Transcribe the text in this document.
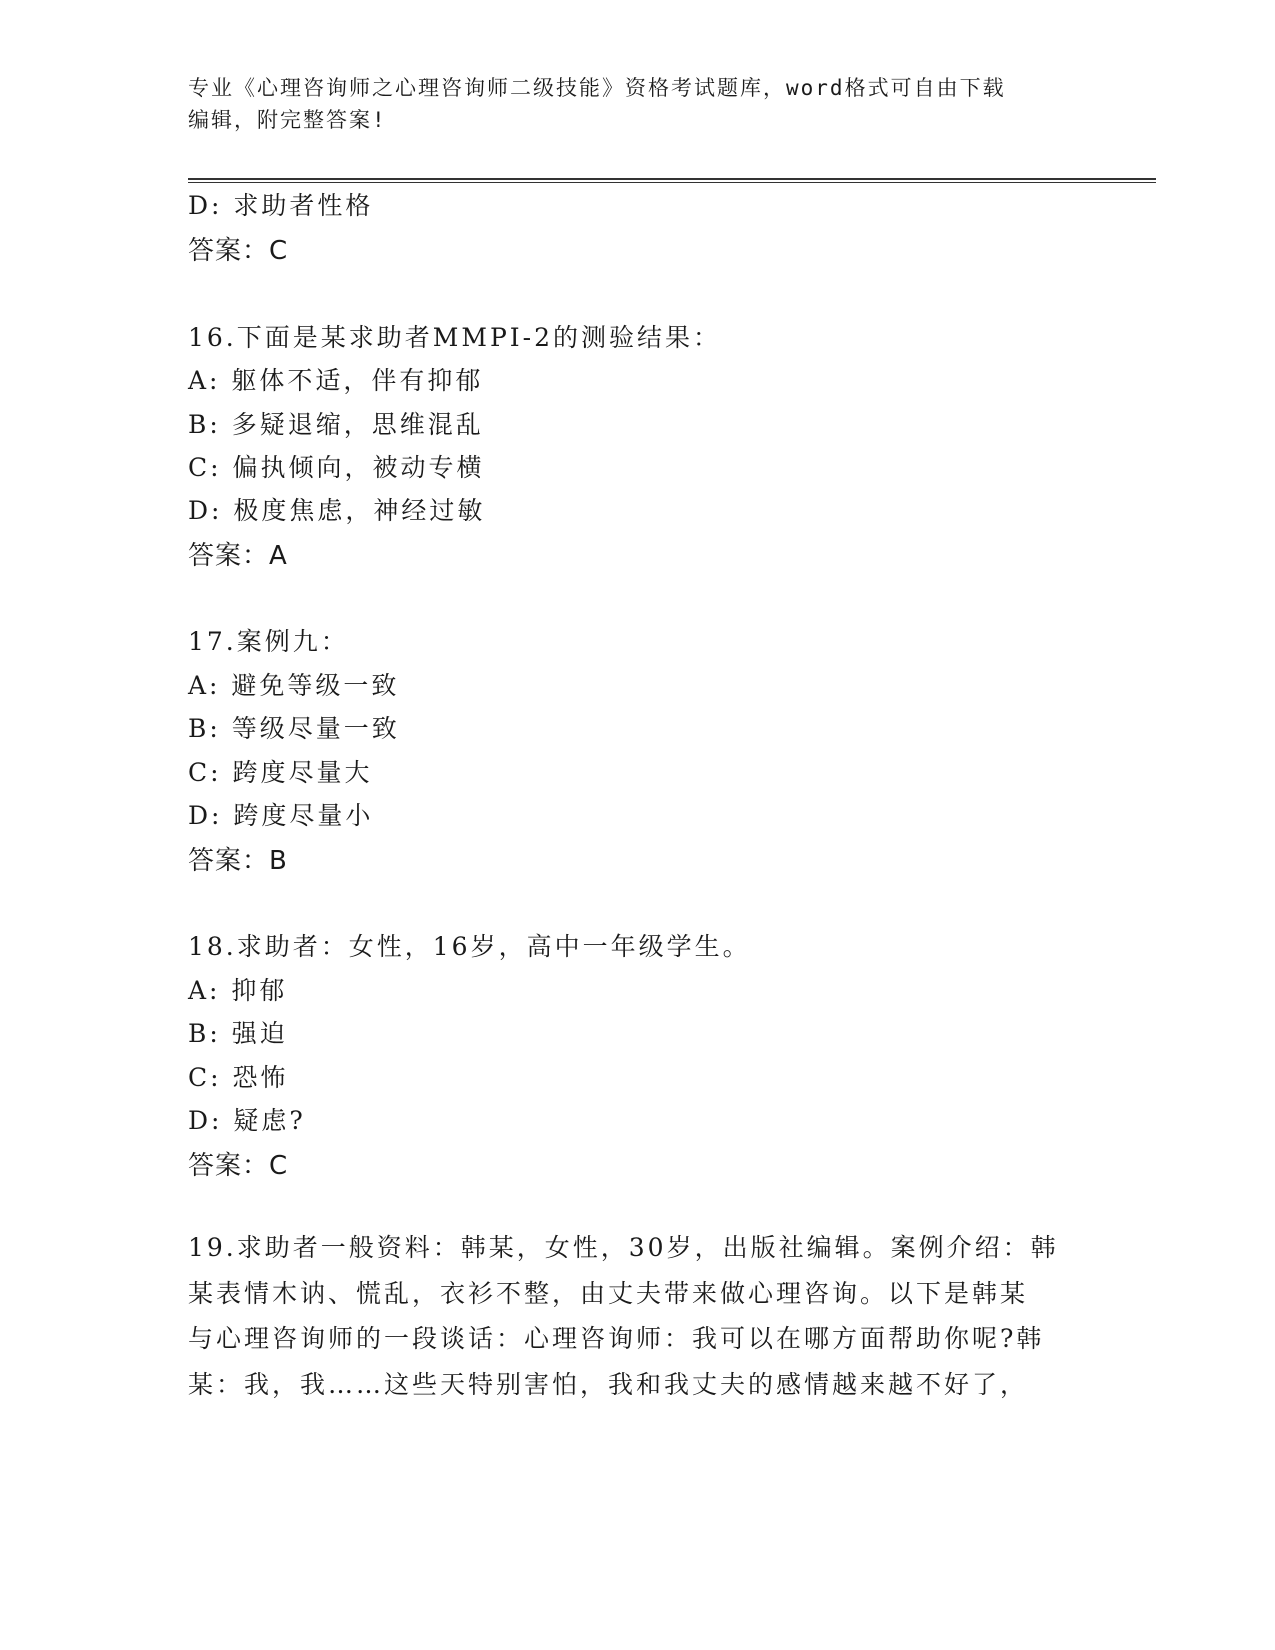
专业《心理咨询师之心理咨询师二级技能》资格考试题库，word格式可自由下载
编辑，附完整答案!
D: 求助者性格
答案：C
16.下面是某求助者MMPI-2的测验结果：
A: 躯体不适，伴有抑郁
B: 多疑退缩，思维混乱
C: 偏执倾向，被动专横
D: 极度焦虑，神经过敏
答案：A
17.案例九：
A: 避免等级一致
B: 等级尽量一致
C: 跨度尽量大
D: 跨度尽量小
答案：B
18.求助者：女性，16岁，高中一年级学生。
A: 抑郁
B: 强迫
C: 恐怖
D: 疑虑?
答案：C
19.求助者一般资料：韩某，女性，30岁，出版社编辑。案例介绍：韩
某表情木讷、慌乱，衣衫不整，由丈夫带来做心理咨询。以下是韩某
与心理咨询师的一段谈话：心理咨询师：我可以在哪方面帮助你呢?韩
某：我，我……这些天特别害怕，我和我丈夫的感情越来越不好了，
